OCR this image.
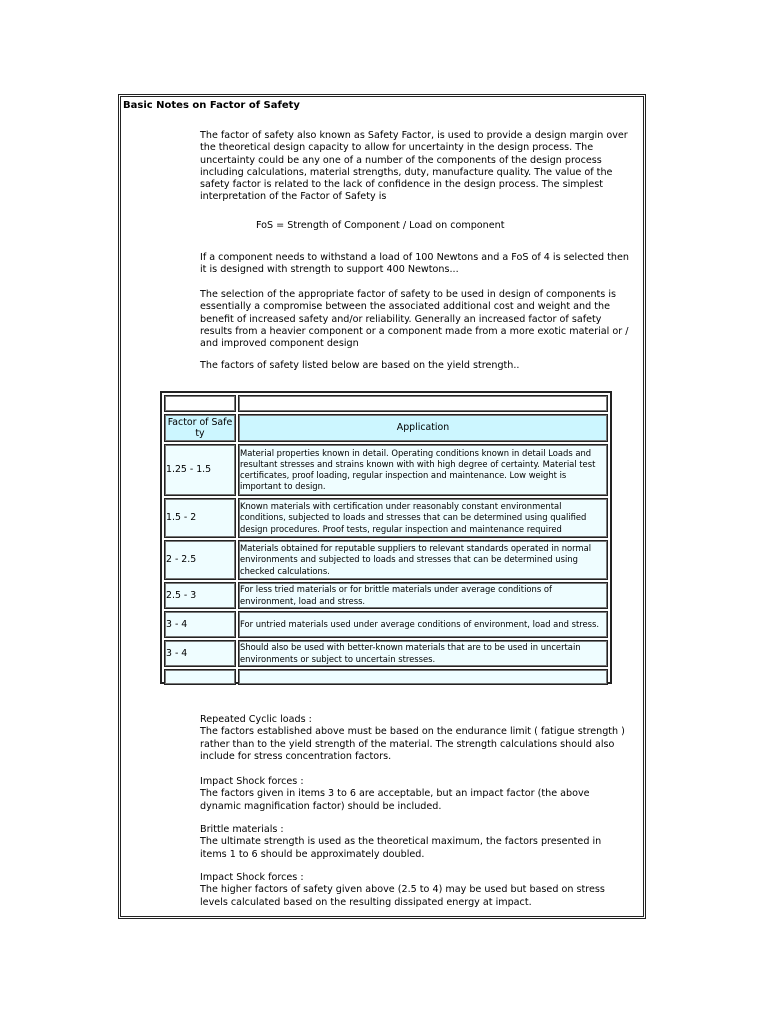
Basic Notes on Factor of Safety
The factor of safety also known as Safety Factor, is used to provide a design margin over
the theoretical design capacity to allow for uncertainty in the design process. The
uncertainty could be any one of a number of the components of the design process
including calculations, material strengths, duty, manufacture quality. The value of the
safety factor is related to the lack of confidence in the design process. The simplest
interpretation of the Factor of Safety is
FoS = Strength of Component / Load on component
If a component needs to withstand a load of 100 Newtons and a FoS of 4 is selected then
it is designed with strength to support 400 Newtons...
The selection of the appropriate factor of safety to be used in design of components is
essentially a compromise between the associated additional cost and weight and the
benefit of increased safety and/or reliability. Generally an increased factor of safety
results from a heavier component or a component made from a more exotic material or /
and improved component design
The factors of safety listed below are based on the yield strength..

Factor of Safe ty	Application
1.25 - 1.5	Material properties known in detail. Operating conditions known in detail Loads and resultant stresses and strains known with with high degree of certainty. Material test certificates, proof loading, regular inspection and maintenance. Low weight is important to design.
1.5 - 2	Known materials with certification under reasonably constant environmental conditions, subjected to loads and stresses that can be determined using qualified design procedures. Proof tests, regular inspection and maintenance required
2 - 2.5	Materials obtained for reputable suppliers to relevant standards operated in normal environments and subjected to loads and stresses that can be determined using checked calculations.
2.5 - 3	For less tried materials or for brittle materials under average conditions of environment, load and stress.
3 - 4	For untried materials used under average conditions of environment, load and stress.
3 - 4	Should also be used with better-known materials that are to be used in uncertain environments or subject to uncertain stresses.

Repeated Cyclic loads :
The factors established above must be based on the endurance limit ( fatigue strength )
rather than to the yield strength of the material. The strength calculations should also
include for stress concentration factors.
Impact Shock forces :
The factors given in items 3 to 6 are acceptable, but an impact factor (the above
dynamic magnification factor) should be included.
Brittle materials :
The ultimate strength is used as the theoretical maximum, the factors presented in
items 1 to 6 should be approximately doubled.
Impact Shock forces :
The higher factors of safety given above (2.5 to 4) may be used but based on stress
levels calculated based on the resulting dissipated energy at impact.
